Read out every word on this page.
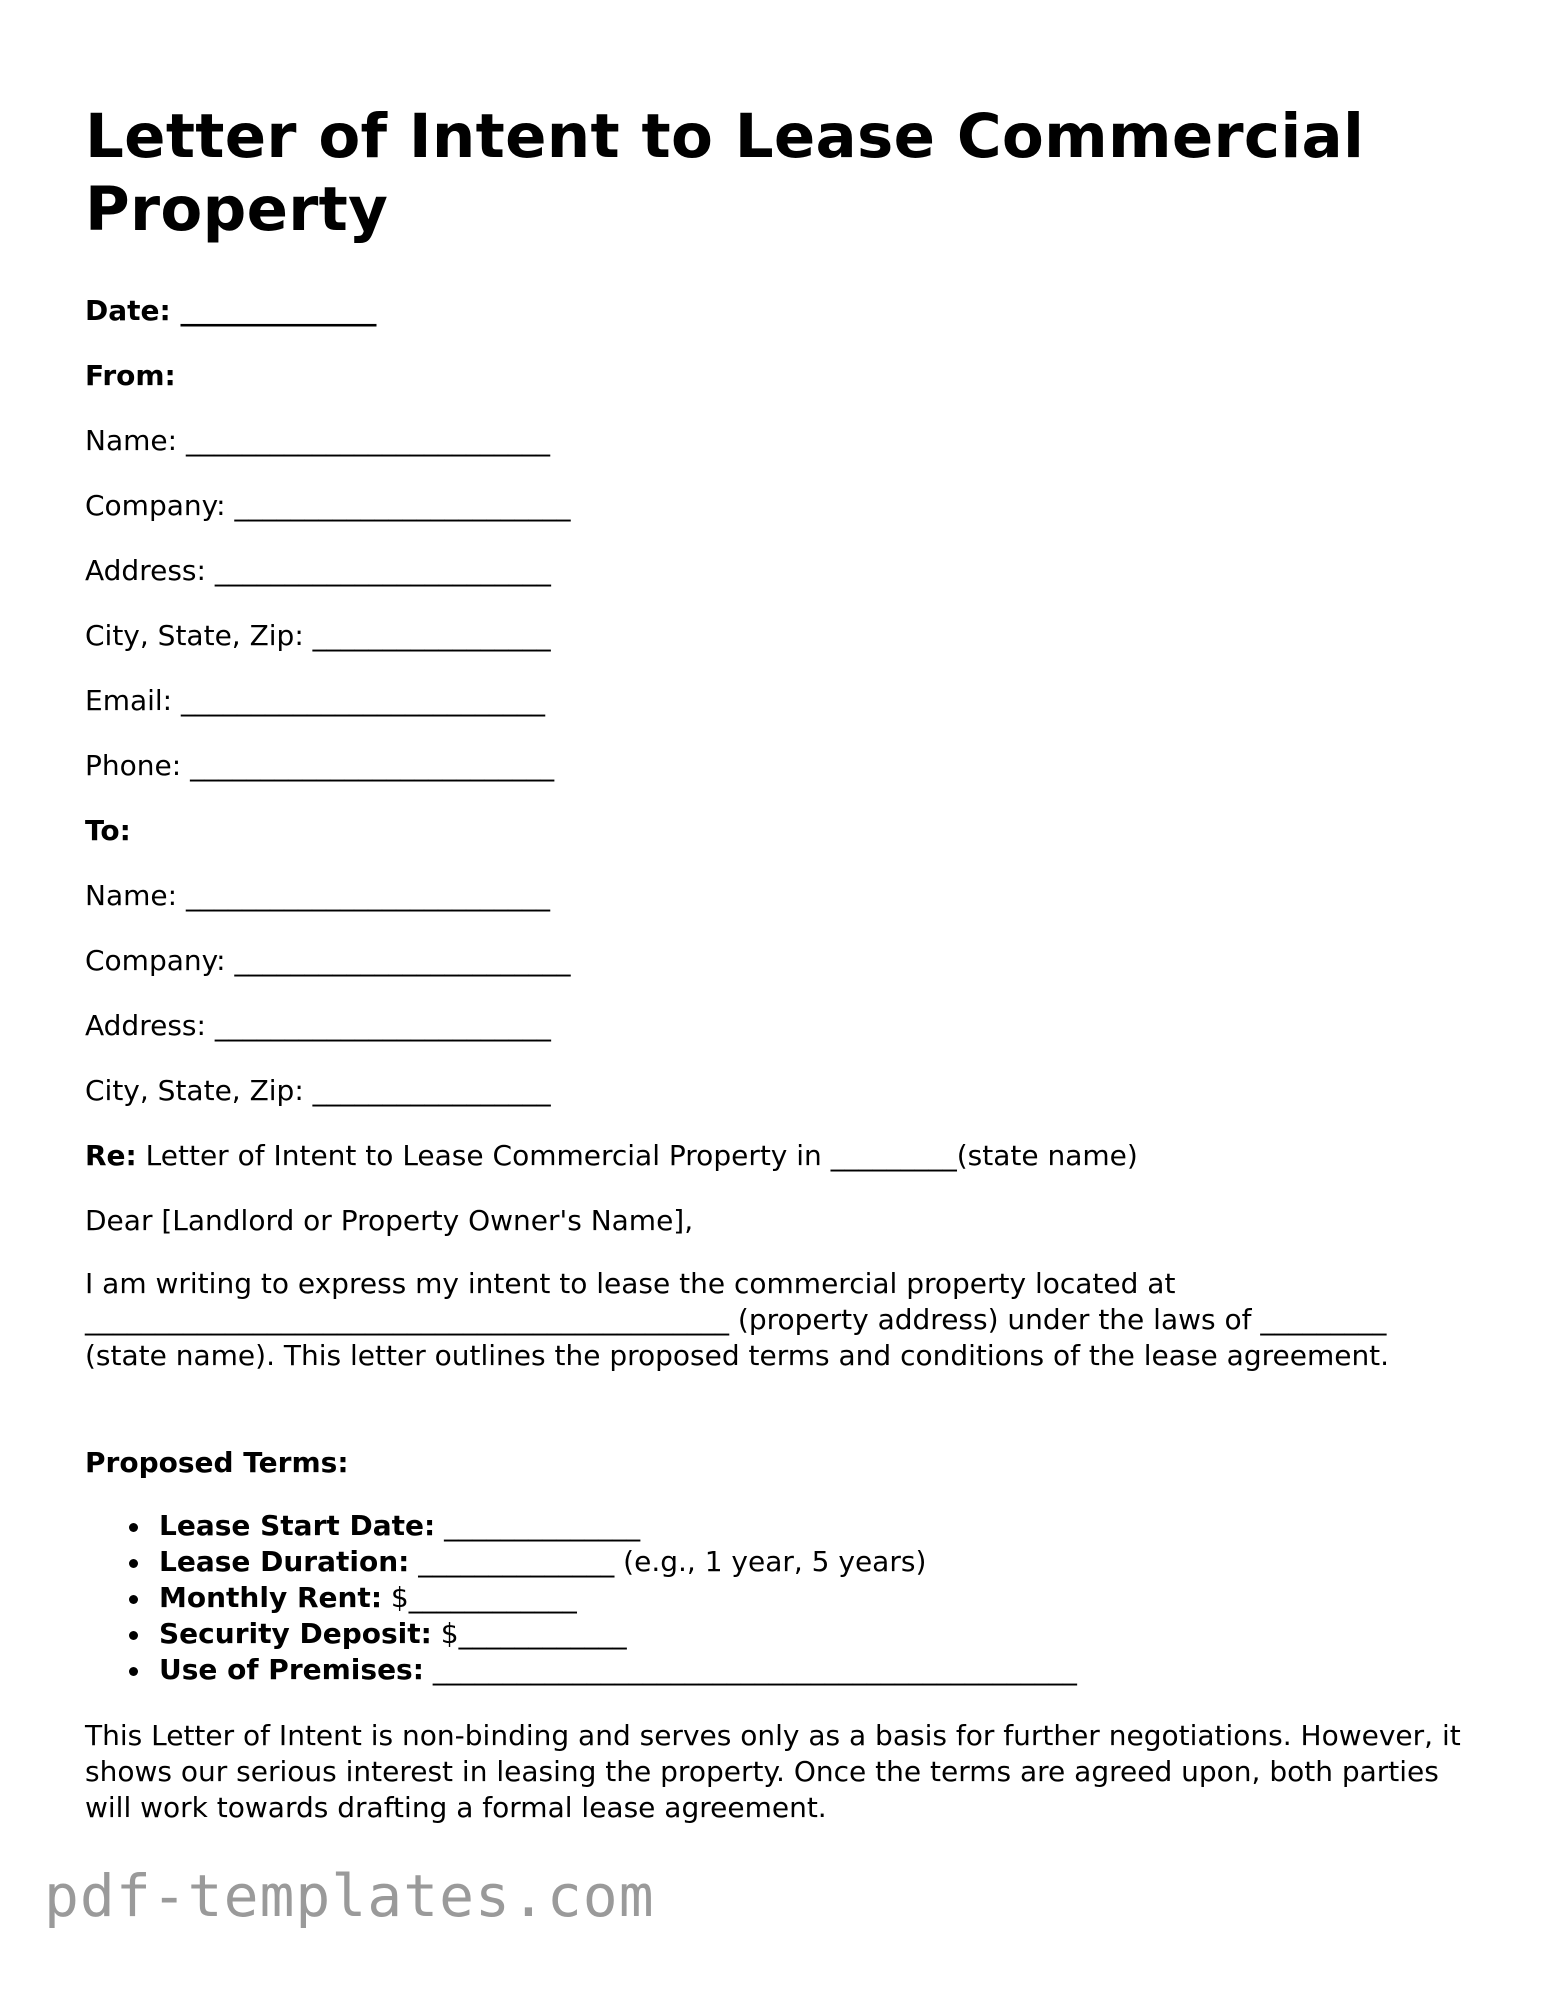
Letter of Intent to Lease Commercial Property
Date: ______________
From:
Name: __________________________
Company: ________________________
Address: ________________________
City, State, Zip: _________________
Email: __________________________
Phone: __________________________
To:
Name: __________________________
Company: ________________________
Address: ________________________
City, State, Zip: _________________
Re: Letter of Intent to Lease Commercial Property in _________(state name)
Dear [Landlord or Property Owner's Name],
I am writing to express my intent to lease the commercial property located at ______________________________________________ (property address) under the laws of _________ (state name). This letter outlines the proposed terms and conditions of the lease agreement.
Proposed Terms:
Lease Start Date: ______________
Lease Duration: ______________ (e.g., 1 year, 5 years)
Monthly Rent: $____________
Security Deposit: $____________
Use of Premises: ______________________________________________
This Letter of Intent is non-binding and serves only as a basis for further negotiations. However, it shows our serious interest in leasing the property. Once the terms are agreed upon, both parties will work towards drafting a formal lease agreement.
pdf-templates.com
